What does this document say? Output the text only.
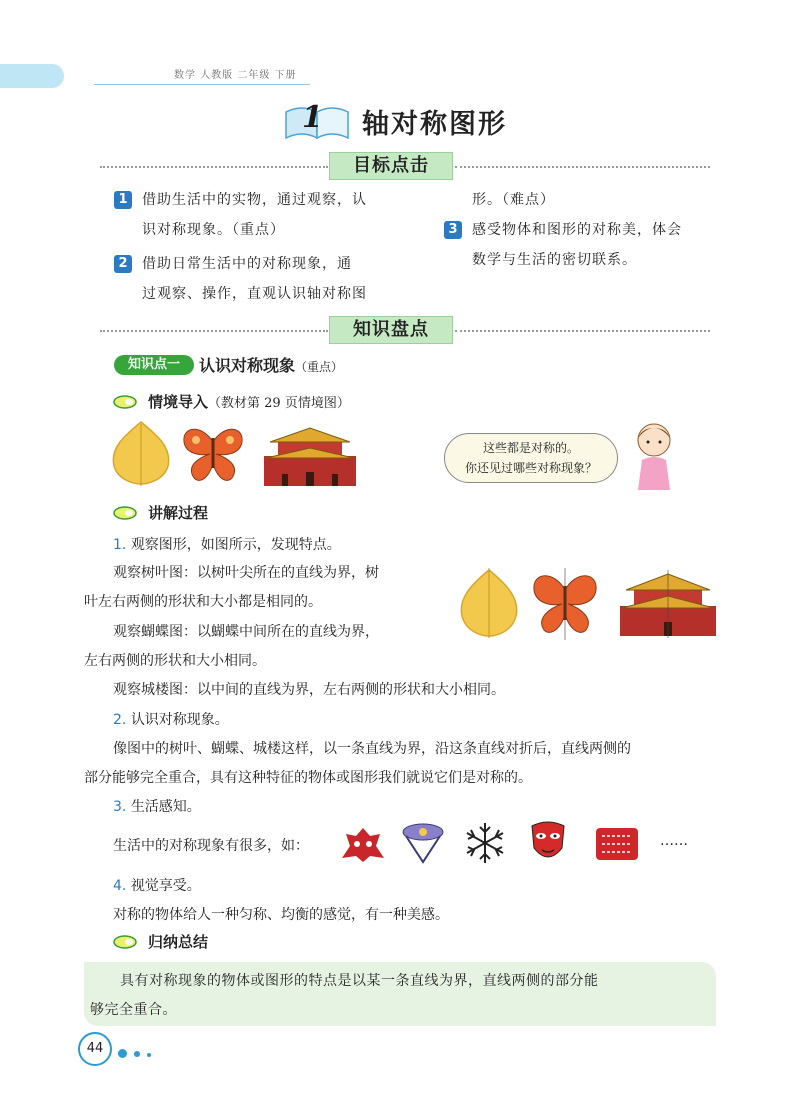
数学 人教版 二年级 下册
1 轴对称图形
目标点击
1	借助生活中的实物，通过观察，认
识对称现象。（重点）
2	借助日常生活中的对称现象，通
过观察、操作，直观认识轴对称图
形。（难点）
3	感受物体和图形的对称美，体会
数学与生活的密切联系。
知识盘点
知识点一	认识对称现象（重点）
情境导入（教材第 29 页情境图）
这些都是对称的。
你还见过哪些对称现象？
讲解过程
1. 观察图形，如图所示，发现特点。
观察树叶图：以树叶尖所在的直线为界，树
叶左右两侧的形状和大小都是相同的。
观察蝴蝶图：以蝴蝶中间所在的直线为界，
左右两侧的形状和大小相同。
观察城楼图：以中间的直线为界，左右两侧的形状和大小相同。
2. 认识对称现象。
像图中的树叶、蝴蝶、城楼这样，以一条直线为界，沿这条直线对折后，直线两侧的
部分能够完全重合，具有这种特征的物体或图形我们就说它们是对称的。
3. 生活感知。
生活中的对称现象有很多，如：	……
4. 视觉享受。
对称的物体给人一种匀称、均衡的感觉，有一种美感。
归纳总结
具有对称现象的物体或图形的特点是以某一条直线为界，直线两侧的部分能
够完全重合。
44
